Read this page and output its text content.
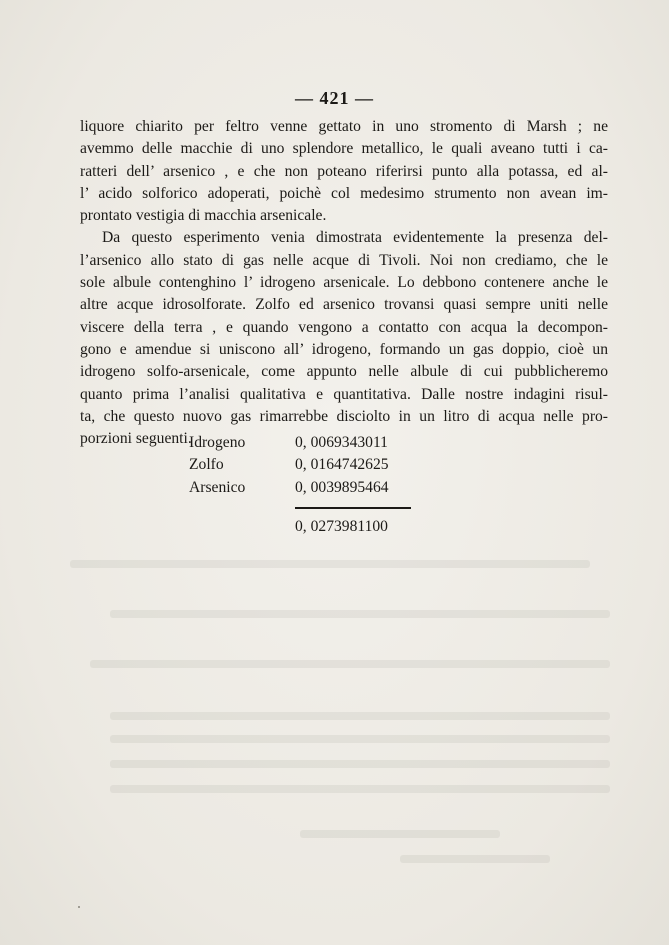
— 421 —
liquore chiarito per feltro venne gettato in uno stromento di Marsh ; ne
avemmo delle macchie di uno splendore metallico, le quali aveano tutti i ca-
ratteri dell’ arsenico , e che non poteano riferirsi punto alla potassa, ed al-
l’ acido solforico adoperati, poichè col medesimo strumento non avean im-
prontato vestigia di macchia arsenicale.
Da questo esperimento venia dimostrata evidentemente la presenza del-
l’arsenico allo stato di gas nelle acque di Tivoli. Noi non crediamo, che le
sole albule contenghino l’ idrogeno arsenicale. Lo debbono contenere anche le
altre acque idrosolforate. Zolfo ed arsenico trovansi quasi sempre uniti nelle
viscere della terra , e quando vengono a contatto con acqua la decompon-
gono e amendue si uniscono all’ idrogeno, formando un gas doppio, cioè un
idrogeno solfo-arsenicale, come appunto nelle albule di cui pubblicheremo
quanto prima l’analisi qualitativa e quantitativa. Dalle nostre indagini risul-
ta, che questo nuovo gas rimarrebbe disciolto in un litro di acqua nelle pro-
porzioni seguenti.
Idrogeno	0, 0069343011
Zolfo	0, 0164742625
Arsenico	0, 0039895464
0, 0273981100
